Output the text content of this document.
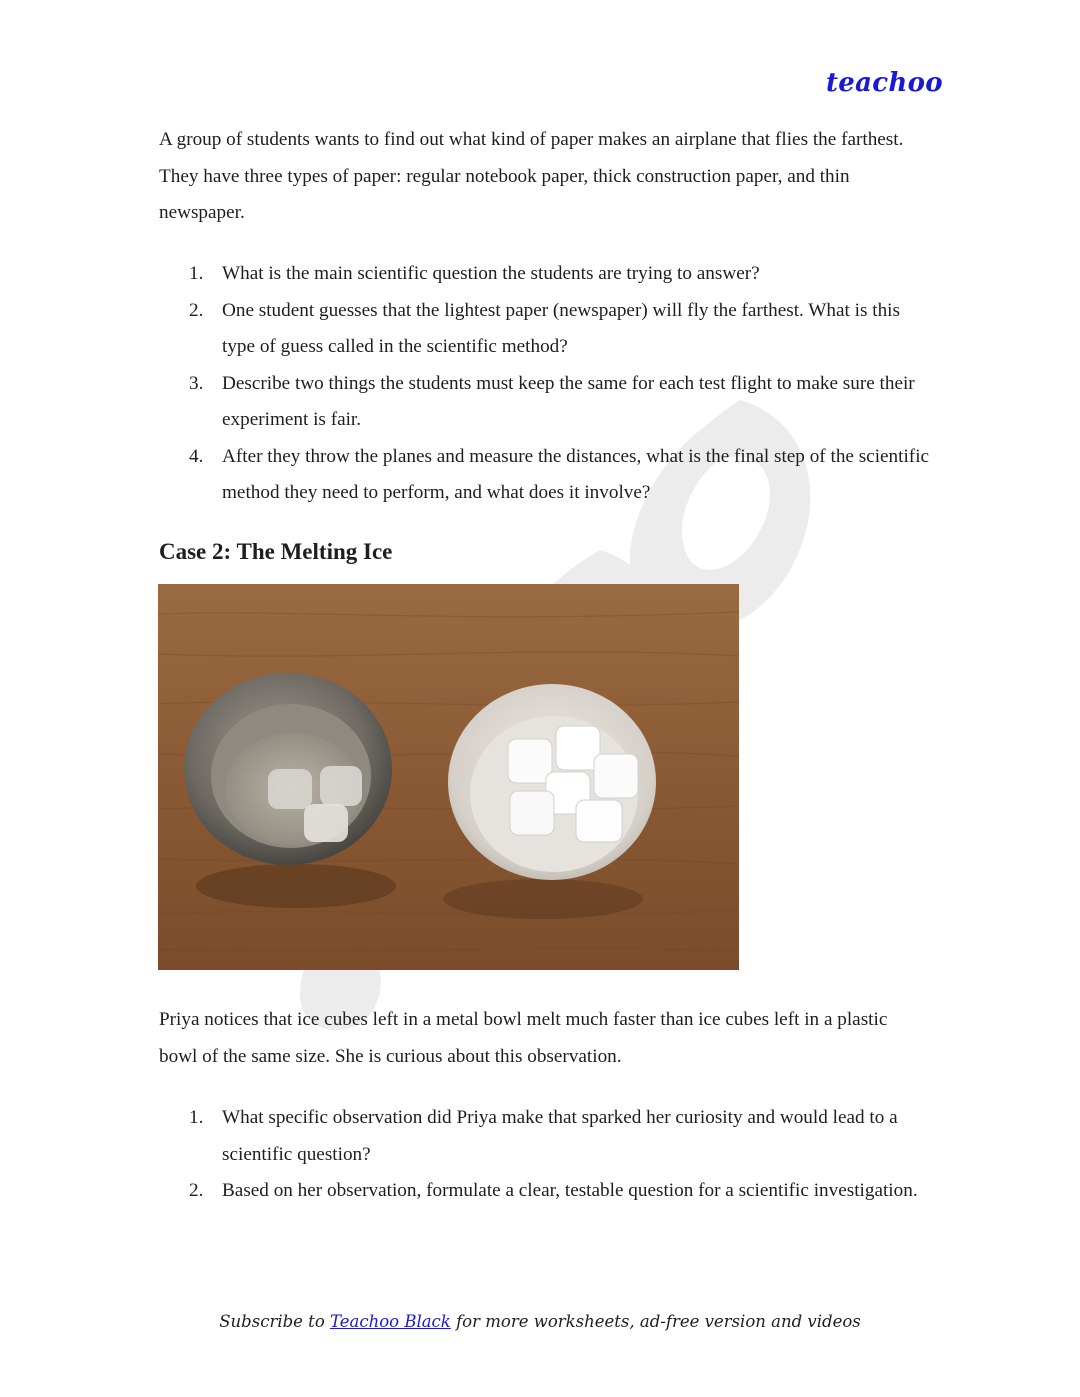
teachoo

A group of students wants to find out what kind of paper makes an airplane that flies the farthest. They have three types of paper: regular notebook paper, thick construction paper, and thin newspaper.

1. What is the main scientific question the students are trying to answer?
2. One student guesses that the lightest paper (newspaper) will fly the farthest. What is this type of guess called in the scientific method?
3. Describe two things the students must keep the same for each test flight to make sure their experiment is fair.
4. After they throw the planes and measure the distances, what is the final step of the scientific method they need to perform, and what does it involve?
Case 2: The Melting Ice

Priya notices that ice cubes left in a metal bowl melt much faster than ice cubes left in a plastic bowl of the same size. She is curious about this observation.

1. What specific observation did Priya make that sparked her curiosity and would lead to a scientific question?
2. Based on her observation, formulate a clear, testable question for a scientific investigation.
Subscribe to Teachoo Black for more worksheets, ad-free version and videos
